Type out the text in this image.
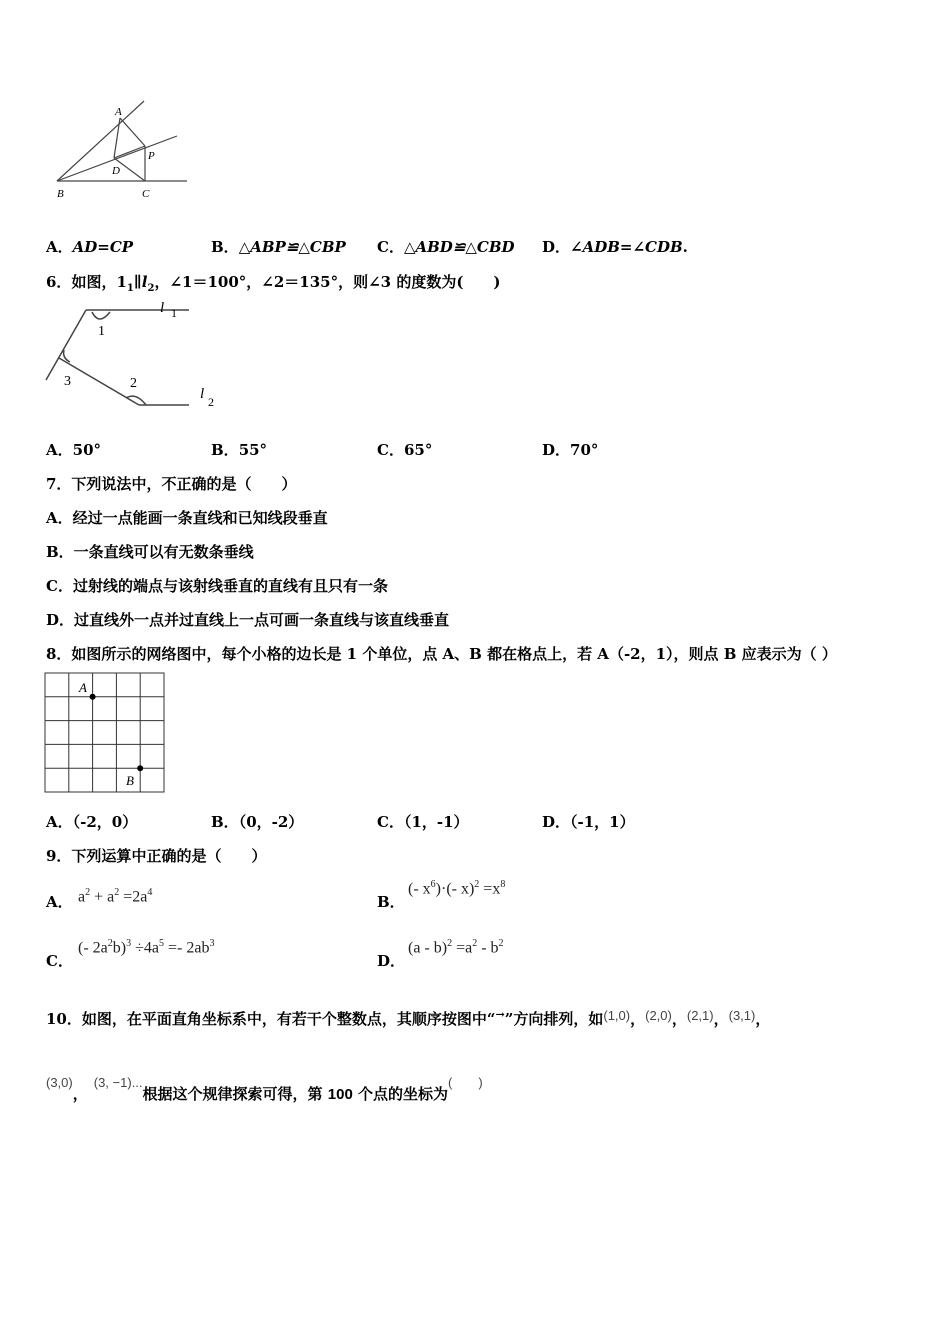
A
P
D
B	C
A．AD=CP	B．△ABP≌△CBP C．△ABD≌△CBD D．∠ADB=∠CDB.
6．如图，$1_1\parallel l_2$，∠1＝100°，∠2＝135°，则∠3 的度数为(　　)
l 1
1
3	2
l 2
A．50°	B．55°	C．65°	D．70°
7．下列说法中，不正确的是（　　）
A．经过一点能画一条直线和已知线段垂直
B．一条直线可以有无数条垂线
C．过射线的端点与该射线垂直的直线有且只有一条
D．过直线外一点并过直线上一点可画一条直线与该直线垂直
8．如图所示的网络图中，每个小格的边长是 1 个单位，点 A、B 都在格点上，若 A（-2，1），则点 B 应表示为（ ）
A
B
A．（-2，0）	B．（0，-2）	C．（1，-1）	D．（-1，1）
9．下列运算中正确的是（　　）
A． $a^2 + a^2 =2a^4$
B．
(- $x^6)\cdot(-$ $x)^2 =x^8$
C．
(- $2a^2b)^3 \div 4a^5 =- 2ab^3$
D．
$(a - b)^2 =a^2 - b^2$
10．如图，在平面直角坐标系中，有若干个整数点，其顺序按图中“→”方向排列，如(1,0)，(2,0)，(2,1)，(3,1)，
(3,0)，(3, −1)...根据这个规律探索可得，第 100 个点的坐标为(　　)
